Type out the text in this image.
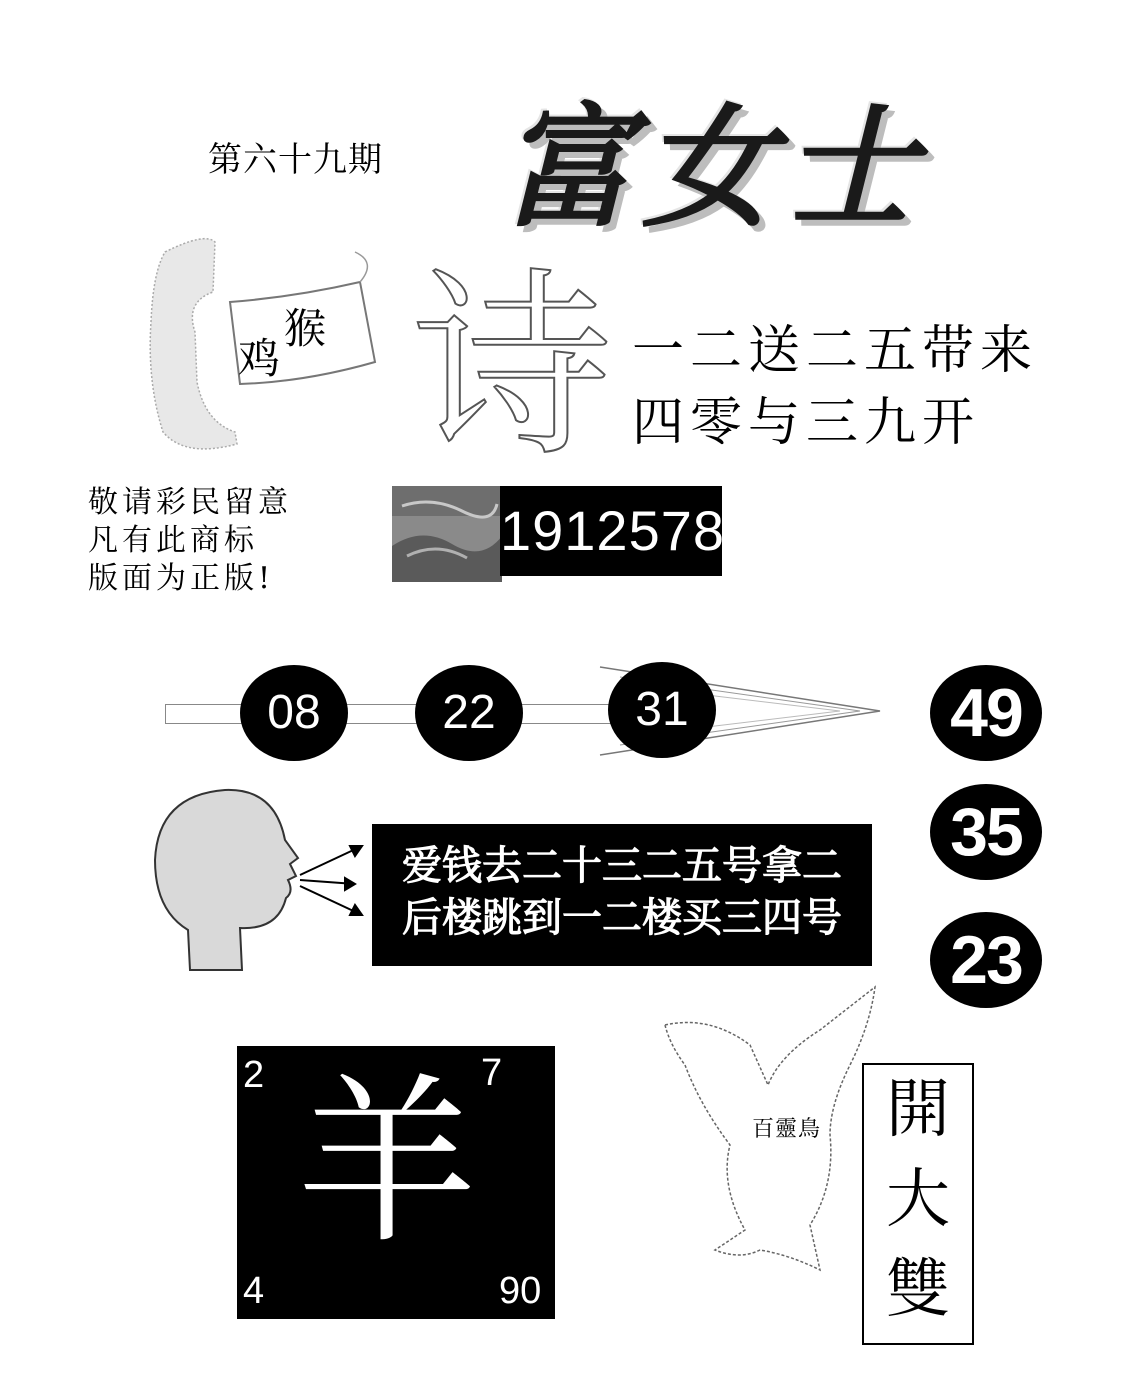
第六十九期 富女士
鸡
猴 诗 一二送二五带来
四零与三九开
敬请彩民留意
凡有此商标
版面为正版!
1912578
08	22	31	49
35
23
爱钱去二十三二五号拿二
后楼跳到一二楼买三四号
羊
2	7
4	90
百靈鳥	開
大
雙
